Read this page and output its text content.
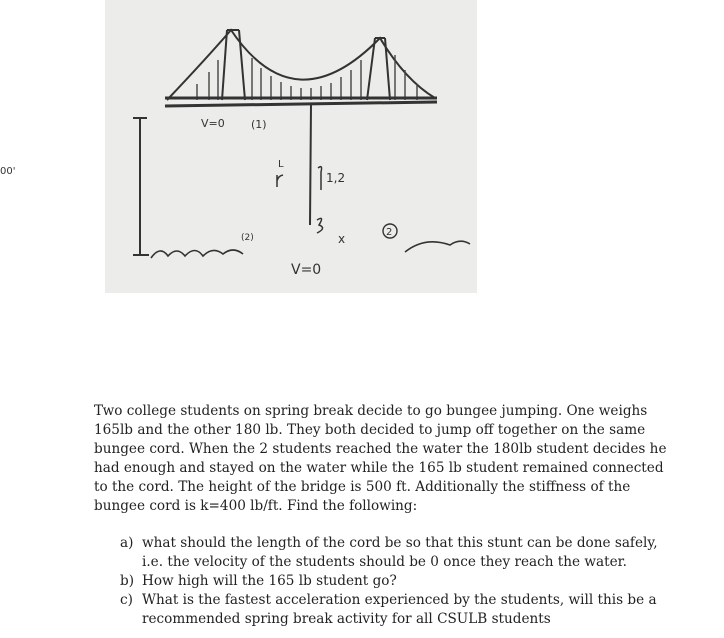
V=0 (1)
1,2
(2)	x	2
V=0
00'
L

Two college students on spring break decide to go bungee jumping. One weighs
165lb and the other 180 lb. They both decided to jump off together on the same
bungee cord. When the 2 students reached the water the 180lb student decides he
had enough and stayed on the water while the 165 lb student remained connected
to the cord. The height of the bridge is 500 ft. Additionally the stiffness of the
bungee cord is k=400 lb/ft. Find the following:

a) what should the length of the cord be so that this stunt can be done safely,
i.e. the velocity of the students should be 0 once they reach the water.
b) How high will the 165 lb student go?
c) What is the fastest acceleration experienced by the students, will this be a
recommended spring break activity for all CSULB students
